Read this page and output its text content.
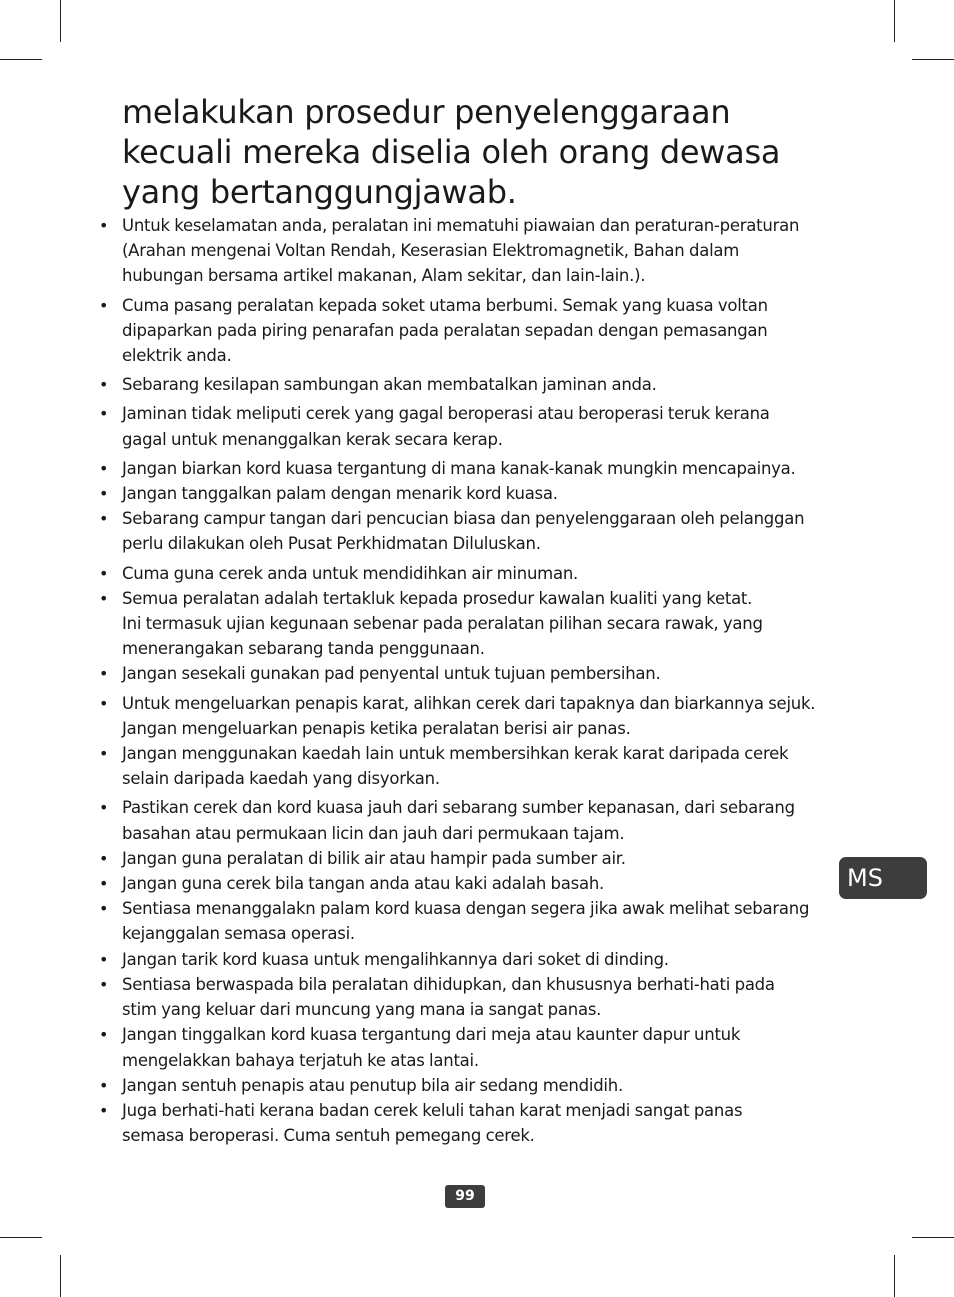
melakukan prosedur penyelenggaraan kecuali mereka diselia oleh orang dewasa yang bertanggungjawab.
• Untuk keselamatan anda, peralatan ini mematuhi piawaian dan peraturan-peraturan
(Arahan mengenai Voltan Rendah, Keserasian Elektromagnetik, Bahan dalam
hubungan bersama artikel makanan, Alam sekitar, dan lain-lain.).
• Cuma pasang peralatan kepada soket utama berbumi. Semak yang kuasa voltan
dipaparkan pada piring penarafan pada peralatan sepadan dengan pemasangan
elektrik anda.
• Sebarang kesilapan sambungan akan membatalkan jaminan anda.
• Jaminan tidak meliputi cerek yang gagal beroperasi atau beroperasi teruk kerana
gagal untuk menanggalkan kerak secara kerap.
• Jangan biarkan kord kuasa tergantung di mana kanak-kanak mungkin mencapainya.
• Jangan tanggalkan palam dengan menarik kord kuasa.
• Sebarang campur tangan dari pencucian biasa dan penyelenggaraan oleh pelanggan
perlu dilakukan oleh Pusat Perkhidmatan Diluluskan.
• Cuma guna cerek anda untuk mendidihkan air minuman.
• Semua peralatan adalah tertakluk kepada prosedur kawalan kualiti yang ketat.
Ini termasuk ujian kegunaan sebenar pada peralatan pilihan secara rawak, yang
menerangakan sebarang tanda penggunaan.
• Jangan sesekali gunakan pad penyental untuk tujuan pembersihan.
• Untuk mengeluarkan penapis karat, alihkan cerek dari tapaknya dan biarkannya sejuk.
Jangan mengeluarkan penapis ketika peralatan berisi air panas.
• Jangan menggunakan kaedah lain untuk membersihkan kerak karat daripada cerek
selain daripada kaedah yang disyorkan.
• Pastikan cerek dan kord kuasa jauh dari sebarang sumber kepanasan, dari sebarang
basahan atau permukaan licin dan jauh dari permukaan tajam.
• Jangan guna peralatan di bilik air atau hampir pada sumber air.
• Jangan guna cerek bila tangan anda atau kaki adalah basah.
• Sentiasa menanggalakn palam kord kuasa dengan segera jika awak melihat sebarang
kejanggalan semasa operasi.
• Jangan tarik kord kuasa untuk mengalihkannya dari soket di dinding.
• Sentiasa berwaspada bila peralatan dihidupkan, dan khususnya berhati-hati pada
stim yang keluar dari muncung yang mana ia sangat panas.
• Jangan tinggalkan kord kuasa tergantung dari meja atau kaunter dapur untuk
mengelakkan bahaya terjatuh ke atas lantai.
• Jangan sentuh penapis atau penutup bila air sedang mendidih.
• Juga berhati-hati kerana badan cerek keluli tahan karat menjadi sangat panas
semasa beroperasi. Cuma sentuh pemegang cerek.
MS
99
